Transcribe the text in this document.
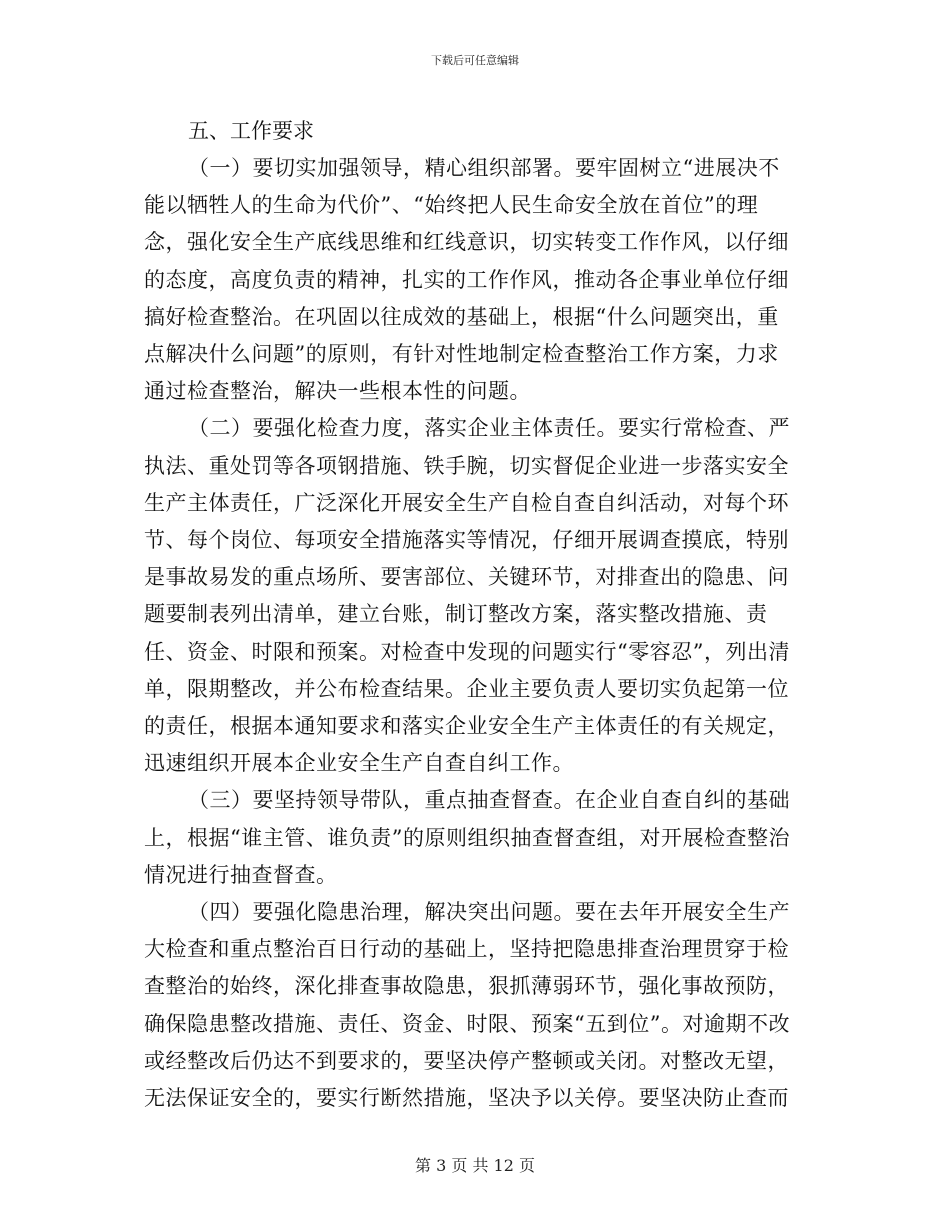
下载后可任意编辑

五、工作要求

（一）要切实加强领导，精心组织部署。要牢固树立“进展决不能以牺牲人的生命为代价”、“始终把人民生命安全放在首位”的理念，强化安全生产底线思维和红线意识，切实转变工作作风，以仔细的态度，高度负责的精神，扎实的工作作风，推动各企事业单位仔细搞好检查整治。在巩固以往成效的基础上，根据“什么问题突出，重点解决什么问题”的原则，有针对性地制定检查整治工作方案，力求通过检查整治，解决一些根本性的问题。

（二）要强化检查力度，落实企业主体责任。要实行常检查、严执法、重处罚等各项钢措施、铁手腕，切实督促企业进一步落实安全生产主体责任，广泛深化开展安全生产自检自查自纠活动，对每个环节、每个岗位、每项安全措施落实等情况，仔细开展调查摸底，特别是事故易发的重点场所、要害部位、关键环节，对排查出的隐患、问题要制表列出清单，建立台账，制订整改方案，落实整改措施、责任、资金、时限和预案。对检查中发现的问题实行“零容忍”，列出清单，限期整改，并公布检查结果。企业主要负责人要切实负起第一位的责任，根据本通知要求和落实企业安全生产主体责任的有关规定，迅速组织开展本企业安全生产自查自纠工作。

（三）要坚持领导带队，重点抽查督查。在企业自查自纠的基础上，根据“谁主管、谁负责”的原则组织抽查督查组，对开展检查整治情况进行抽查督查。

（四）要强化隐患治理，解决突出问题。要在去年开展安全生产大检查和重点整治百日行动的基础上，坚持把隐患排查治理贯穿于检查整治的始终，深化排查事故隐患，狠抓薄弱环节，强化事故预防，确保隐患整改措施、责任、资金、时限、预案“五到位”。对逾期不改或经整改后仍达不到要求的，要坚决停产整顿或关闭。对整改无望，无法保证安全的，要实行断然措施，坚决予以关停。要坚决防止查而

第 3 页 共 12 页
